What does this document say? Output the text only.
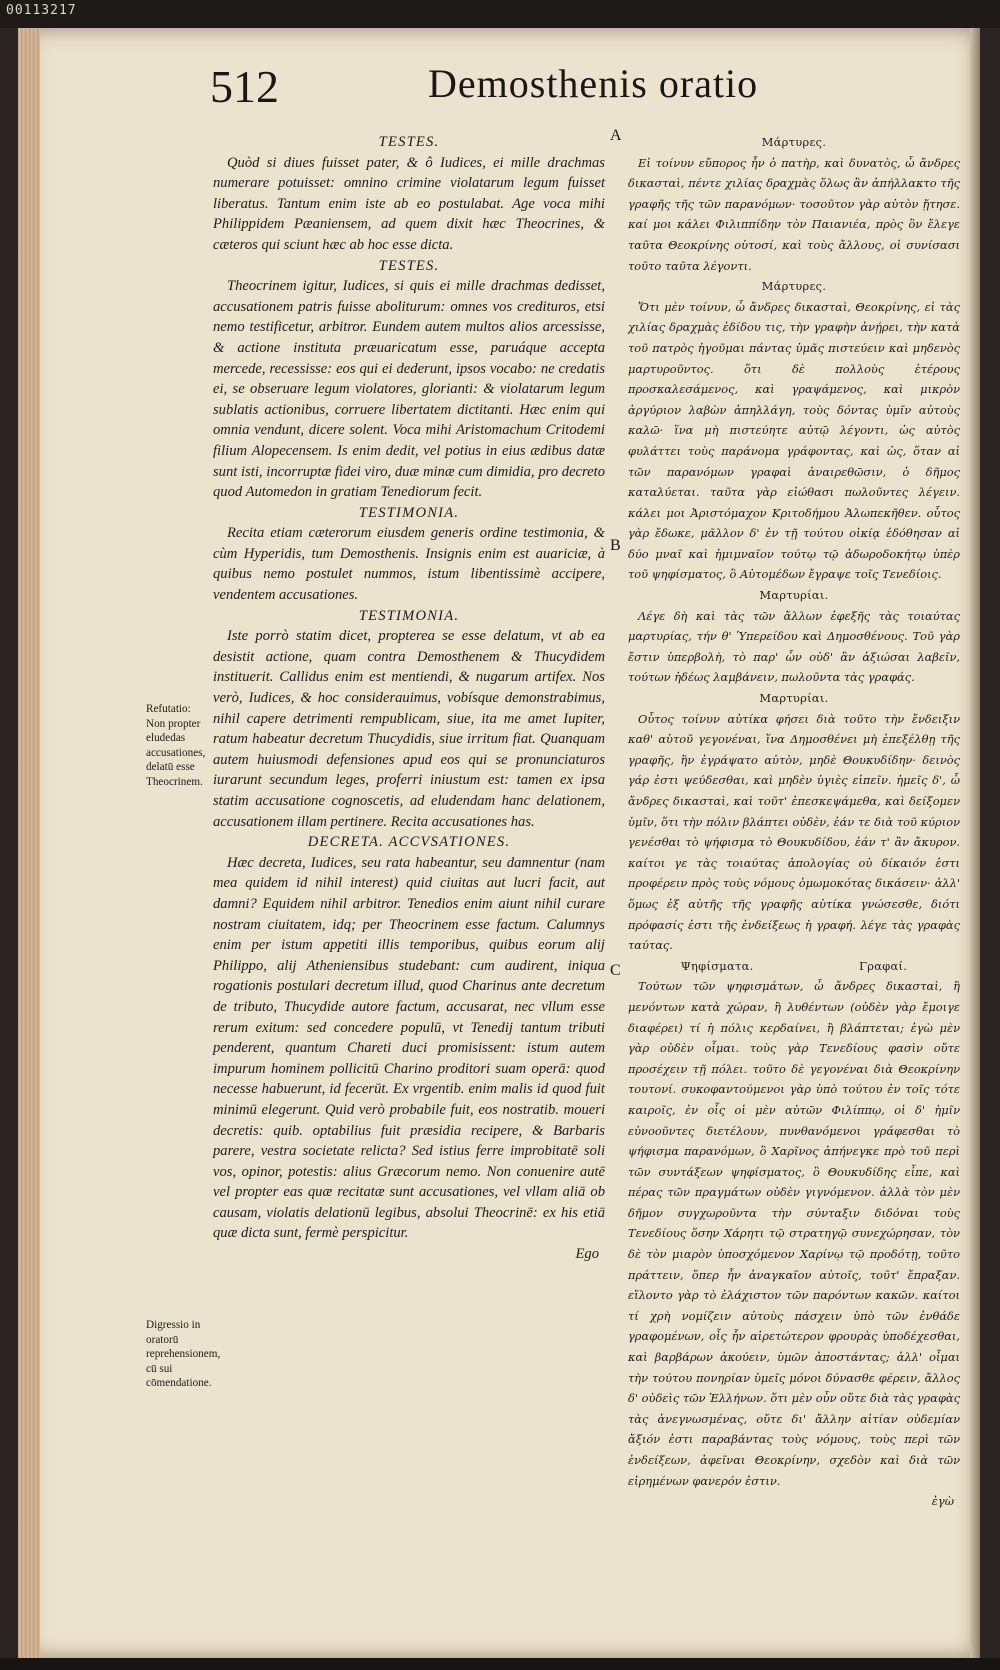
00113217
512	Demosthenis oratio
A
B
C
Refutatio: Non propter eludedas accusationes, delatū esse Theocrinem.
Digressio in oratorū reprehensionem, cū sui cōmendatione.
TESTES.
Quòd si diues fuisset pater, & ô Iudices, ei mille drachmas numerare potuisset: omnino crimine violatarum legum fuisset liberatus. Tantum enim iste ab eo postulabat. Age voca mihi Philippidem Pæaniensem, ad quem dixit hæc Theocrines, & cæteros qui sciunt hæc ab hoc esse dicta.
TESTES.
Theocrinem igitur, Iudices, si quis ei mille drachmas dedisset, accusationem patris fuisse aboliturum: omnes vos credituros, etsi nemo testificetur, arbitror. Eundem autem multos alios arcessisse, & actione instituta præuaricatum esse, paruáque accepta mercede, recessisse: eos qui ei dederunt, ipsos vocabo: ne credatis ei, se obseruare legum violatores, glorianti: & violatarum legum sublatis actionibus, corruere libertatem dictitanti. Hæc enim qui omnia vendunt, dicere solent. Voca mihi Aristomachum Critodemi filium Alopecensem. Is enim dedit, vel potius in eius ædibus datæ sunt isti, incorruptæ fidei viro, duæ minæ cum dimidia, pro decreto quod Automedon in gratiam Tenediorum fecit.
TESTIMONIA.
Recita etiam cæterorum eiusdem generis ordine testimonia, & cùm Hyperidis, tum Demosthenis. Insignis enim est auariciæ, à quibus nemo postulet nummos, istum libentissimè accipere, vendentem accusationes.
TESTIMONIA.
Iste porrò statim dicet, propterea se esse delatum, vt ab ea desistit actione, quam contra Demosthenem & Thucydidem instituerit. Callidus enim est mentiendi, & nugarum artifex. Nos verò, Iudices, & hoc considerauimus, vobísque demonstrabimus, nihil capere detrimenti rempublicam, siue, ita me amet Iupiter, ratum habeatur decretum Thucydidis, siue irritum fiat. Quanquam autem huiusmodi defensiones apud eos qui se pronunciaturos iurarunt secundum leges, proferri iniustum est: tamen ex ipsa statim accusatione cognoscetis, ad eludendam hanc delationem, accusationem illam pertinere. Recita accusationes has.
DECRETA. ACCVSATIONES.
Hæc decreta, Iudices, seu rata habeantur, seu damnentur (nam mea quidem id nihil interest) quid ciuitas aut lucri facit, aut damni? Equidem nihil arbitror. Tenedios enim aiunt nihil curare nostram ciuitatem, idq; per Theocrinem esse factum. Calumnys enim per istum appetiti illis temporibus, quibus eorum alij Philippo, alij Atheniensibus studebant: cum audirent, iniqua rogationis postulari decretum illud, quod Charinus ante decretum de tributo, Thucydide autore factum, accusarat, nec vllum esse rerum exitum: sed concedere populū, vt Tenedij tantum tributi penderent, quantum Chareti duci promisissent: istum autem impurum hominem pollicitū Charino proditori suam operā: quod necesse habuerunt, id fecerūt. Ex vrgentib. enim malis id quod fuit minimū elegerunt. Quid verò probabile fuit, eos nostratib. moueri decretis: quib. optabilius fuit præsidia recipere, & Barbaris parere, vestra societate relicta? Sed istius ferre improbitatē soli vos, opinor, potestis: alius Græcorum nemo. Non conuenire autē vel propter eas quæ recitatæ sunt accusationes, vel vllam aliā ob causam, violatis delationū legibus, absolui Theocrinē: ex his etiā quæ dicta sunt, fermè perspicitur.
Ego
Μάρτυρες.
Εἰ τοίνυν εὔπορος ἦν ὁ πατὴρ, καὶ δυνατὸς, ὦ ἄνδρες δικασταὶ, πέντε χιλίας δραχμὰς ὅλως ἂν ἀπήλλακτο τῆς γραφῆς τῆς τῶν παρανόμων· τοσοῦτον γὰρ αὐτὸν ᾔτησε. καί μοι κάλει Φιλιππίδην τὸν Παιανιέα, πρὸς ὃν ἔλεγε ταῦτα Θεοκρίνης οὑτοσί, καὶ τοὺς ἄλλους, οἱ συνίσασι τοῦτο ταῦτα λέγοντι.
Μάρτυρες.
Ὅτι μὲν τοίνυν, ὦ ἄνδρες δικασταὶ, Θεοκρίνης, εἰ τὰς χιλίας δραχμὰς ἐδίδου τις, τὴν γραφὴν ἀνῄρει, τὴν κατὰ τοῦ πατρὸς ἡγοῦμαι πάντας ὑμᾶς πιστεύειν καὶ μηδενὸς μαρτυροῦντος. ὅτι δὲ πολλοὺς ἑτέρους προσκαλεσάμενος, καὶ γραψάμενος, καὶ μικρὸν ἀργύριον λαβὼν ἀπηλλάγη, τοὺς δόντας ὑμῖν αὐτοὺς καλῶ· ἵνα μὴ πιστεύητε αὐτῷ λέγοντι, ὡς αὐτὸς φυλάττει τοὺς παράνομα γράφοντας, καὶ ὡς, ὅταν αἱ τῶν παρανόμων γραφαὶ ἀναιρεθῶσιν, ὁ δῆμος καταλύεται. ταῦτα γὰρ εἰώθασι πωλοῦντες λέγειν. κάλει μοι Ἀριστόμαχον Κριτοδήμου Ἀλωπεκῆθεν. οὗτος γὰρ ἔδωκε, μᾶλλον δ' ἐν τῇ τούτου οἰκίᾳ ἐδόθησαν αἱ δύο μναῖ καὶ ἡμιμναῖον τούτῳ τῷ ἀδωροδοκήτῳ ὑπὲρ τοῦ ψηφίσματος, ὃ Αὐτομέδων ἔγραψε τοῖς Τενεδίοις.
Μαρτυρίαι.
Λέγε δὴ καὶ τὰς τῶν ἄλλων ἐφεξῆς τὰς τοιαύτας μαρτυρίας, τήν θ' Ὑπερείδου καὶ Δημοσθένους. Τοῦ γὰρ ἔστιν ὑπερβολὴ, τὸ παρ' ὧν οὐδ' ἂν ἀξιώσαι λαβεῖν, τούτων ἡδέως λαμβάνειν, πωλοῦντα τὰς γραφάς.
Μαρτυρίαι.
Οὗτος τοίνυν αὐτίκα φήσει διὰ τοῦτο τὴν ἔνδειξιν καθ' αὑτοῦ γεγονέναι, ἵνα Δημοσθένει μὴ ἐπεξέλθῃ τῆς γραφῆς, ἣν ἐγράψατο αὐτὸν, μηδὲ Θουκυδίδην· δεινὸς γάρ ἐστι ψεύδεσθαι, καὶ μηδὲν ὑγιὲς εἰπεῖν. ἡμεῖς δ', ὦ ἄνδρες δικασταὶ, καὶ τοῦτ' ἐπεσκεψάμεθα, καὶ δείξομεν ὑμῖν, ὅτι τὴν πόλιν βλάπτει οὐδὲν, ἐάν τε διὰ τοῦ κύριον γενέσθαι τὸ ψήφισμα τὸ Θουκυδίδου, ἐάν τ' ἂν ἄκυρον. καίτοι γε τὰς τοιαύτας ἀπολογίας οὐ δίκαιόν ἐστι προφέρειν πρὸς τοὺς νόμους ὀμωμοκότας δικάσειν· ἀλλ' ὅμως ἐξ αὐτῆς τῆς γραφῆς αὐτίκα γνώσεσθε, διότι πρόφασίς ἐστι τῆς ἐνδείξεως ἡ γραφή. λέγε τὰς γραφὰς ταύτας.
Ψηφίσματα.	Γραφαί.
Τούτων τῶν ψηφισμάτων, ὦ ἄνδρες δικασταὶ, ἢ μενόντων κατὰ χώραν, ἢ λυθέντων (οὐδὲν γὰρ ἔμοιγε διαφέρει) τί ἡ πόλις κερδαίνει, ἢ βλάπτεται; ἐγὼ μὲν γὰρ οὐδὲν οἶμαι. τοὺς γὰρ Τενεδίους φασὶν οὔτε προσέχειν τῇ πόλει. τοῦτο δὲ γεγονέναι διὰ Θεοκρίνην τουτονί. συκοφαντούμενοι γὰρ ὑπὸ τούτου ἐν τοῖς τότε καιροῖς, ἐν οἷς οἱ μὲν αὐτῶν Φιλίππῳ, οἱ δ' ἡμῖν εὐνοοῦντες διετέλουν, πυνθανόμενοι γράφεσθαι τὸ ψήφισμα παρανόμων, ὃ Χαρῖνος ἀπήνεγκε πρὸ τοῦ περὶ τῶν συντάξεων ψηφίσματος, ὃ Θουκυδίδης εἶπε, καὶ πέρας τῶν πραγμάτων οὐδὲν γιγνόμενον. ἀλλὰ τὸν μὲν δῆμον συγχωροῦντα τὴν σύνταξιν διδόναι τοὺς Τενεδίους ὅσην Χάρητι τῷ στρατηγῷ συνεχώρησαν, τὸν δὲ τὸν μιαρὸν ὑποσχόμενον Χαρίνῳ τῷ προδότῃ, τοῦτο πράττειν, ὅπερ ἦν ἀναγκαῖον αὐτοῖς, τοῦτ' ἔπραξαν. εἵλοντο γὰρ τὸ ἐλάχιστον τῶν παρόντων κακῶν. καίτοι τί χρὴ νομίζειν αὐτοὺς πάσχειν ὑπὸ τῶν ἐνθάδε γραφομένων, οἷς ἦν αἱρετώτερον φρουρὰς ὑποδέχεσθαι, καὶ βαρβάρων ἀκούειν, ὑμῶν ἀποστάντας; ἀλλ' οἶμαι τὴν τούτου πονηρίαν ὑμεῖς μόνοι δύνασθε φέρειν, ἄλλος δ' οὐδεὶς τῶν Ἑλλήνων. ὅτι μὲν οὖν οὔτε διὰ τὰς γραφὰς τὰς ἀνεγνωσμένας, οὔτε δι' ἄλλην αἰτίαν οὐδεμίαν ἄξιόν ἐστι παραβάντας τοὺς νόμους, τοὺς περὶ τῶν ἐνδείξεων, ἀφεῖναι Θεοκρίνην, σχεδὸν καὶ διὰ τῶν εἰρημένων φανερόν ἐστιν.
ἐγὼ
